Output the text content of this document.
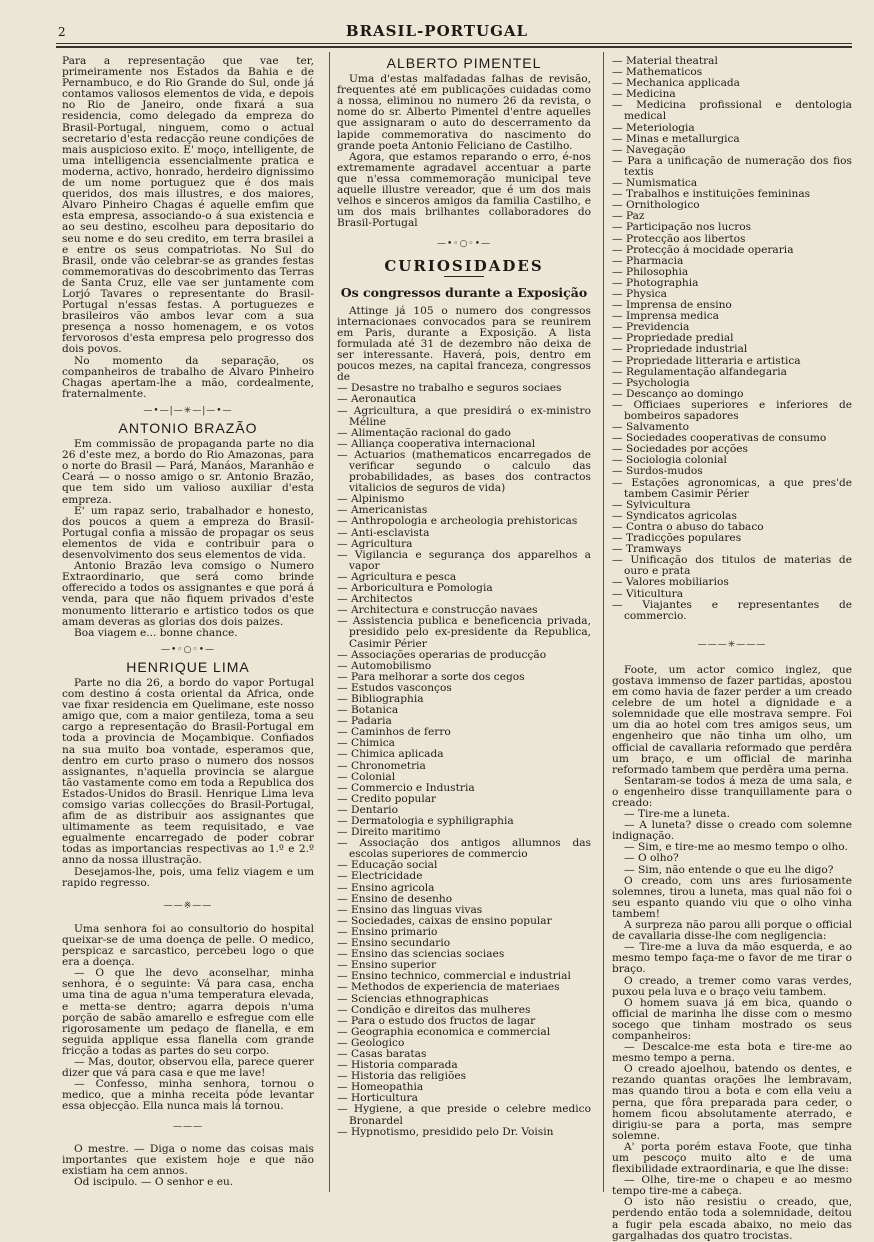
2	BRASIL-PORTUGAL

Para a representação que vae ter, primeiramente nos Estados da Bahia e de Pernambuco, e do Rio Grande do Sul, onde já contamos valiosos elementos de vida, e depois no Rio de Janeiro, onde fixará a sua residencia, como delegado da empreza do Brasil-Portugal, ninguem, como o actual secretario d'esta redacção reune condições de mais auspicioso exito. E' moço, intelligente, de uma intelligencia essencialmente pratica e moderna, activo, honrado, herdeiro dignissimo de um nome portuguez que é dos mais queridos, dos mais illustres, e dos maiores, Alvaro Pinheiro Chagas é aquelle emfim que esta empresa, associando-o á sua existencia e ao seu destino, escolheu para depositario do seu nome e do seu credito, em terra brasilei a e entre os seus compatriotas. No Sul do Brasil, onde vão celebrar-se as grandes festas commemorativas do descobrimento das Terras de Santa Cruz, elle vae ser juntamente com Lorjó Tavares o representante do Brasil-Portugal n'essas festas. A portuguezes e brasileiros vão ambos levar com a sua presença a nosso homenagem, e os votos fervorosos d'esta empresa pelo progresso dos dois povos.

No momento da separação, os companheiros de trabalho de Alvaro Pinheiro Chagas apertam-lhe a mão, cordealmente, fraternalmente.

—•—|—✳—|—•—
ANTONIO BRAZÃO

Em commissão de propaganda parte no dia 26 d'este mez, a bordo do Rio Amazonas, para o norte do Brasil — Pará, Manáos, Maranhão e Ceará — o nosso amigo o sr. Antonio Brazão, que tem sido um valioso auxiliar d'esta empreza.

E' um rapaz serio, trabalhador e honesto, dos poucos a quem a empreza do Brasil-Portugal confia a missão de propagar os seus elementos de vida e contribuir para o desenvolvimento dos seus elementos de vida.

Antonio Brazão leva comsigo o Numero Extraordinario, que será como brinde offerecido a todos os assignantes e que porá á venda, para que não fiquem privados d'este monumento litterario e artistico todos os que amam deveras as glorias dos dois paizes.

Boa viagem e... bonne chance.

—•◦○◦•—
HENRIQUE LIMA

Parte no dia 26, a bordo do vapor Portugal com destino á costa oriental da Africa, onde vae fixar residencia em Quelimane, este nosso amigo que, com a maior gentileza, toma a seu cargo a representação do Brasil-Portugal em toda a provincia de Moçambique. Confiados na sua muito boa vontade, esperamos que, dentro em curto praso o numero dos nossos assignantes, n'aquella provincia se alargue tão vastamente como em toda a Republica dos Estados-Unidos do Brasil. Henrique Lima leva comsigo varias collecções do Brasil-Portugal, afim de as distribuir aos assignantes que ultimamente as teem requisitado, e vae egualmente encarregado de poder cobrar todas as importancias respectivas ao 1.º e 2.º anno da nossa illustração.

Desejamos-lhe, pois, uma feliz viagem e um rapido regresso.

——※——

Uma senhora foi ao consultorio do hospital queixar-se de uma doença de pelle. O medico, perspicaz e sarcastico, percebeu logo o que era a doença.

— O que lhe devo aconselhar, minha senhora, é o seguinte: Vá para casa, encha uma tina de agua n'uma temperatura elevada, e metta-se dentro; agarra depois n'uma porção de sabão amarello e esfregue com elle rigorosamente um pedaço de flanella, e em seguida applique essa flanella com grande fricção a todas as partes do seu corpo.

— Mas, doutor, observou ella, parece querer dizer que vá para casa e que me lave!

— Confesso, minha senhora, tornou o medico, que a minha receita póde levantar essa objecção. Ella nunca mais lá tornou.

———

O mestre. — Diga o nome das coisas mais importantes que existem hoje e que não existiam ha cem annos.

Od iscipulo. — O senhor e eu.

ALBERTO PIMENTEL

Uma d'estas malfadadas falhas de revisão, frequentes até em publicações cuidadas como a nossa, eliminou no numero 26 da revista, o nome do sr. Alberto Pimentel d'entre aquelles que assignaram o auto do descerramento da lapide commemorativa do nascimento do grande poeta Antonio Feliciano de Castilho.

Agora, que estamos reparando o erro, é-nos extremamente agradavel accentuar a parte que n'essa commemoração municipal teve aquelle illustre vereador, que é um dos mais velhos e sinceros amigos da familia Castilho, e um dos mais brilhantes collaboradores do Brasil-Portugal

—•◦○◦•—
CURIOSIDADES
Os congressos durante a Exposição

Attinge já 105 o numero dos congressos internacionaes convocados para se reunirem em Paris, durante a Exposição. A lista formulada até 31 de dezembro não deixa de ser interessante. Haverá, pois, dentro em poucos mezes, na capital franceza, congressos de

— Desastre no trabalho e seguros sociaes
— Aeronautica
— Agricultura, a que presidirá o ex-ministro Méline
— Alimentação racional do gado
— Alliança cooperativa internacional
— Actuarios (mathematicos encarregados de verificar segundo o calculo das probabilidades, as bases dos contractos vitalicios de seguros de vida)
— Alpinismo
— Americanistas
— Anthropologia e archeologia prehistoricas
— Anti-esclavista
— Agricultura
— Vigilancia e segurança dos apparelhos a vapor
— Agricultura e pesca
— Arboricultura e Pomologia
— Architectos
— Architectura e construcção navaes
— Assistencia publica e beneficencia privada, presidido pelo ex-presidente da Republica, Casimir Périer
— Associações operarias de producção
— Automobilismo
— Para melhorar a sorte dos cegos
— Estudos vasconços
— Bibliographia
— Botanica
— Padaria
— Caminhos de ferro
— Chimica
— Chimica aplicada
— Chronometria
— Colonial
— Commercio e Industria
— Credito popular
— Dentario
— Dermatologia e syphiligraphia
— Direito maritimo
— Associação dos antigos allumnos das escolas superiores de commercio
— Educação social
— Electricidade
— Ensino agricola
— Ensino de desenho
— Ensino das linguas vivas
— Sociedades, caixas de ensino popular
— Ensino primario
— Ensino secundario
— Ensino das sciencias sociaes
— Ensino superior
— Ensino technico, commercial e industrial
— Methodos de experiencia de materiaes
— Sciencias ethnographicas
— Condição e direitos das mulheres
— Para o estudo dos fructos de lagar
— Geographia economica e commercial
— Geologico
— Casas baratas
— Historia comparada
— Historia das religiões
— Homeopathia
— Horticultura
— Hygiene, a que preside o celebre medico Bronardel
— Hypnotismo, presidido pelo Dr. Voisin
— Material theatral
— Mathematicos
— Mechanica applicada
— Medicina
— Medicina profissional e dentologia medical
— Meteriologia
— Minas e metallurgica
— Navegação
— Para a unificação de numeração dos fios textis
— Numismatica
— Trabalhos e instituições femininas
— Ornithologico
— Paz
— Participação nos lucros
— Protecção aos libertos
— Protecção á mocidade operaria
— Pharmacia
— Philosophia
— Photographia
— Physica
— Imprensa de ensino
— Imprensa medica
— Previdencia
— Propriedade predial
— Propriedade industrial
— Propriedade litteraria e artistica
— Regulamentação alfandegaria
— Psychologia
— Descanço ao domingo
— Officiaes superiores e inferiores de bombeiros sapadores
— Salvamento
— Sociedades cooperativas de consumo
— Sociedades por acções
— Sociologia colonial
— Surdos-mudos
— Estações agronomicas, a que pres'de tambem Casimir Périer
— Sylvicultura
— Syndicatos agricolas
— Contra o abuso do tabaco
— Tradicções populares
— Tramways
— Unificação dos titulos de materias de ouro e prata
— Valores mobiliarios
— Viticultura
— Viajantes e representantes de commercio.
———✳———

Foote, um actor comico inglez, que gostava immenso de fazer partidas, apostou em como havia de fazer perder a um creado celebre de um hotel a dignidade e a solemnidade que elle mostrava sempre. Foi um dia ao hotel com tres amigos seus, um engenheiro que não tinha um olho, um official de cavallaria reformado que perdêra um braço, e um official de marinha reformado tambem que perdêra uma perna.

Sentaram-se todos á meza de uma sala, e o engenheiro disse tranquillamente para o creado:

— Tire-me a luneta.

— A luneta? disse o creado com solemne indignação.

— Sim, e tire-me ao mesmo tempo o olho.

— O olho?

— Sim, não entende o que eu lhe digo?

O creado, com uns ares furiosamente solemnes, tirou a luneta, mas qual não foi o seu espanto quando viu que o olho vinha tambem!

A surpreza não parou alli porque o official de cavallaria disse-lhe com negligencia:

— Tire-me a luva da mão esquerda, e ao mesmo tempo faça-me o favor de me tirar o braço.

O creado, a tremer como varas verdes, puxou pela luva e o braço veiu tambem.

O homem suava já em bica, quando o official de marinha lhe disse com o mesmo socego que tinham mostrado os seus companheiros:

— Descalce-me esta bota e tire-me ao mesmo tempo a perna.

O creado ajoelhou, batendo os dentes, e rezando quantas orações lhe lembravam, mas quando tirou a bota e com ella veiu a perna, que fôra preparada para ceder, o homem ficou absolutamente aterrado, e dirigiu-se para a porta, mas sempre solemne.

A' porta porém estava Foote, que tinha um pescoço muito alto e de uma flexibilidade extraordinaria, e que lhe disse:

— Olhe, tire-me o chapeu e ao mesmo tempo tire-me a cabeça.

O isto não resistiu o creado, que, perdendo então toda a solemnidade, deitou a fugir pela escada abaixo, no meio das gargalhadas dos quatro trocistas.
